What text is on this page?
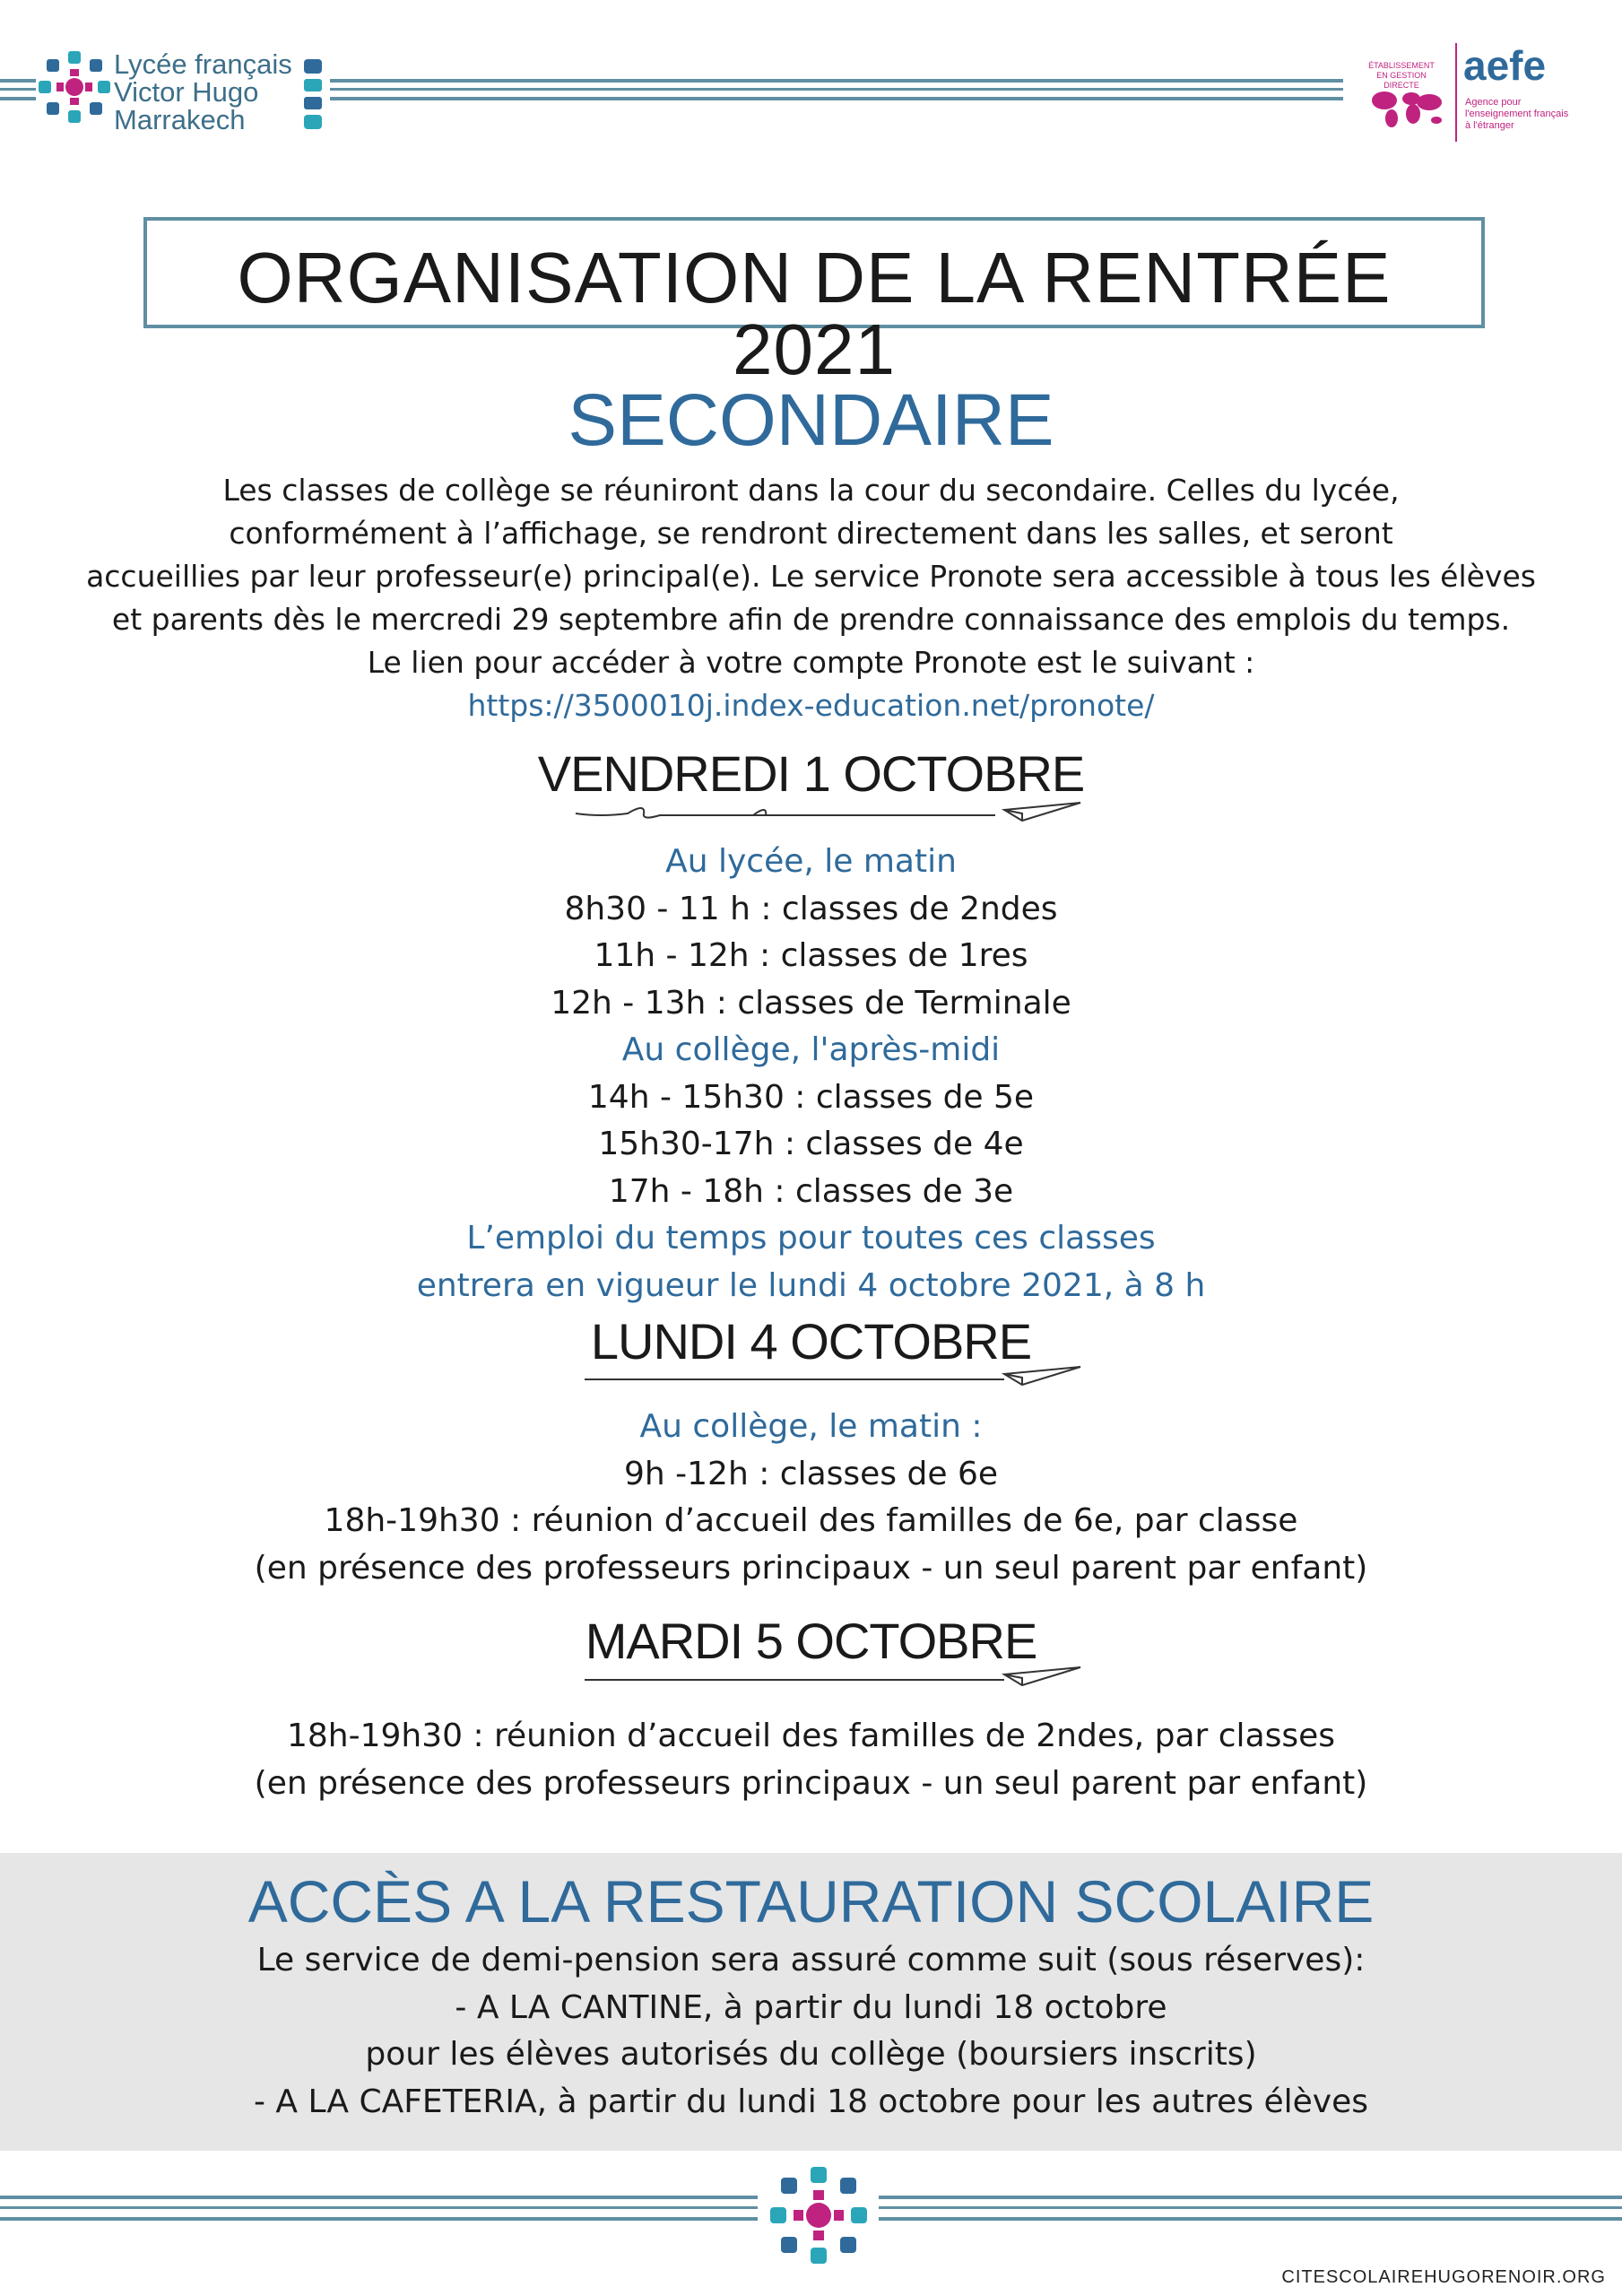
Lycée français
Victor Hugo
Marrakech
ÉTABLISSEMENT
EN GESTION DIRECTE	aefe
Agence pour
l'enseignement français
à l'étranger
ORGANISATION DE LA RENTRÉE 2021
SECONDAIRE
Les classes de collège se réuniront dans la cour du secondaire. Celles du lycée,
conformément à l’affichage, se rendront directement dans les salles, et seront
accueillies par leur professeur(e) principal(e). Le service Pronote sera accessible à tous les élèves
et parents dès le mercredi 29 septembre afin de prendre connaissance des emplois du temps.
Le lien pour accéder à votre compte Pronote est le suivant :
https://3500010j.index-education.net/pronote/
VENDREDI 1 OCTOBRE
Au lycée, le matin
8h30 - 11 h : classes de 2ndes
11h - 12h : classes de 1res
12h - 13h : classes de Terminale
Au collège, l'après-midi
14h - 15h30 : classes de 5e
15h30-17h : classes de 4e
17h - 18h : classes de 3e
L’emploi du temps pour toutes ces classes
entrera en vigueur le lundi 4 octobre 2021, à 8 h
LUNDI 4 OCTOBRE
Au collège, le matin :
9h -12h : classes de 6e
18h-19h30 : réunion d’accueil des familles de 6e, par classe
(en présence des professeurs principaux - un seul parent par enfant)
MARDI 5 OCTOBRE
18h-19h30 : réunion d’accueil des familles de 2ndes, par classes
(en présence des professeurs principaux - un seul parent par enfant)
ACCÈS A LA RESTAURATION SCOLAIRE
Le service de demi-pension sera assuré comme suit (sous réserves):
- A LA CANTINE, à partir du lundi 18 octobre
pour les élèves autorisés du collège (boursiers inscrits)
- A LA CAFETERIA, à partir du lundi 18 octobre pour les autres élèves
CITESCOLAIREHUGORENOIR.ORG
